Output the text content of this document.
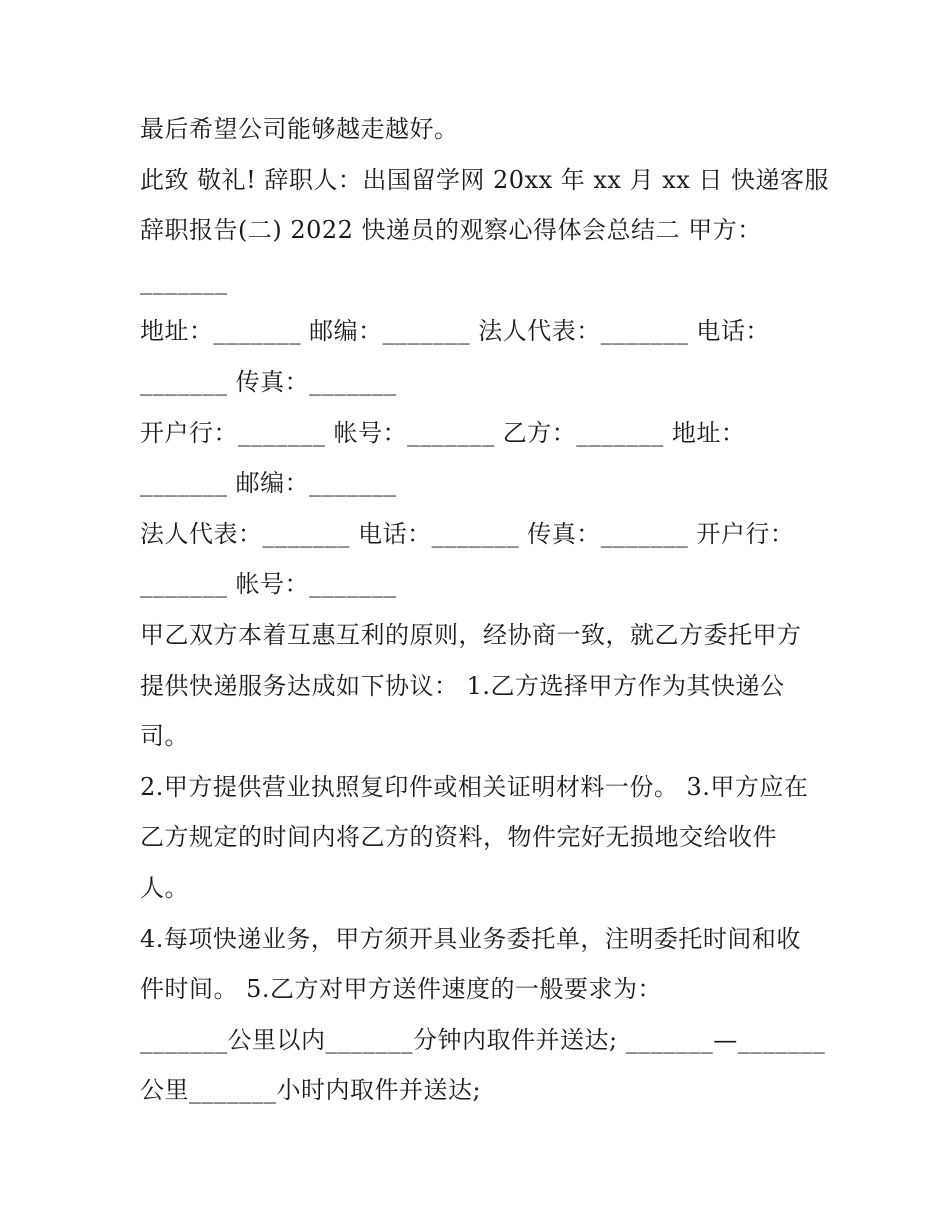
最后希望公司能够越走越好。
此致 敬礼! 辞职人：出国留学网 20xx 年 xx 月 xx 日 快递客服
辞职报告(二) 2022 快递员的观察心得体会总结二 甲方：
_______
地址：_______ 邮编：_______ 法人代表：_______ 电话：
_______ 传真：_______
开户行：_______ 帐号：_______ 乙方：_______ 地址：
_______ 邮编：_______
法人代表：_______ 电话：_______ 传真：_______ 开户行：
_______ 帐号：_______
甲乙双方本着互惠互利的原则，经协商一致，就乙方委托甲方
提供快递服务达成如下协议： 1.乙方选择甲方作为其快递公
司。
2.甲方提供营业执照复印件或相关证明材料一份。 3.甲方应在
乙方规定的时间内将乙方的资料，物件完好无损地交给收件
人。
4.每项快递业务，甲方须开具业务委托单，注明委托时间和收
件时间。 5.乙方对甲方送件速度的一般要求为：
_______公里以内_______分钟内取件并送达; _______—_______
公里_______小时内取件并送达;
